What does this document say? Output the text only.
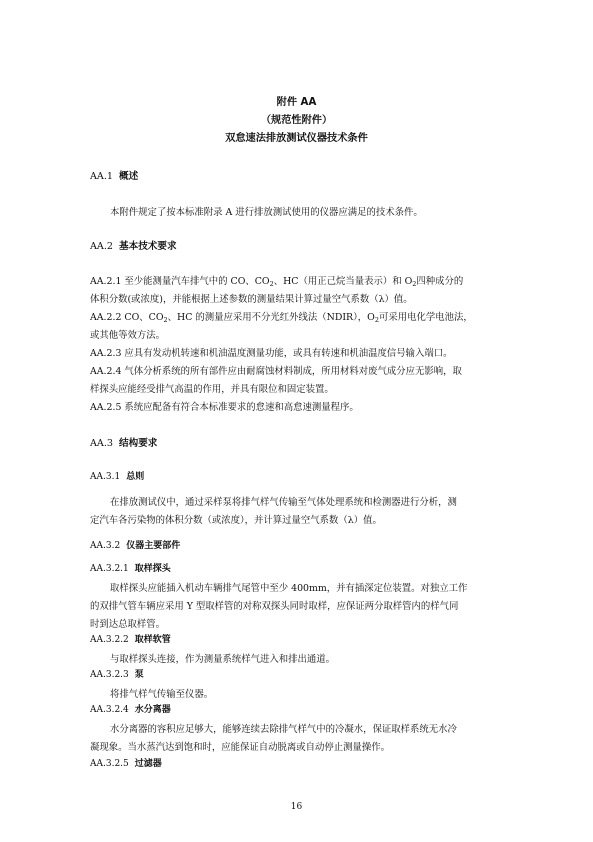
附件 AA
（规范性附件）
双怠速法排放测试仪器技术条件
AA.1 概述
本附件规定了按本标准附录 A 进行排放测试使用的仪器应满足的技术条件。
AA.2 基本技术要求
AA.2.1 至少能测量汽车排气中的 CO、$CO_2$、HC（用正己烷当量表示）和 $O_2$四种成分的
体积分数(或浓度)，并能根据上述参数的测量结果计算过量空气系数（λ）值。
AA.2.2 CO、$CO_2$、HC 的测量应采用不分光红外线法（NDIR），$O_2$可采用电化学电池法，
或其他等效方法。
AA.2.3 应具有发动机转速和机油温度测量功能，或具有转速和机油温度信号输入端口。
AA.2.4 气体分析系统的所有部件应由耐腐蚀材料制成，所用材料对废气成分应无影响，取
样探头应能经受排气高温的作用，并具有限位和固定装置。
AA.2.5 系统应配备有符合本标准要求的怠速和高怠速测量程序。
AA.3 结构要求
AA.3.1 总则
在排放测试仪中，通过采样泵将排气样气传输至气体处理系统和检测器进行分析，测
定汽车各污染物的体积分数（或浓度），并计算过量空气系数（λ）值。
AA.3.2 仪器主要部件
AA.3.2.1 取样探头
取样探头应能插入机动车辆排气尾管中至少 400mm，并有插深定位装置。对独立工作
的双排气管车辆应采用 Y 型取样管的对称双探头同时取样，应保证两分取样管内的样气同
时到达总取样管。
AA.3.2.2 取样软管
与取样探头连接，作为测量系统样气进入和排出通道。
AA.3.2.3 泵
将排气样气传输至仪器。
AA.3.2.4 水分离器
水分离器的容积应足够大，能够连续去除排气样气中的冷凝水，保证取样系统无水冷
凝现象。当水蒸汽达到饱和时，应能保证自动脱离或自动停止测量操作。
AA.3.2.5 过滤器
16
